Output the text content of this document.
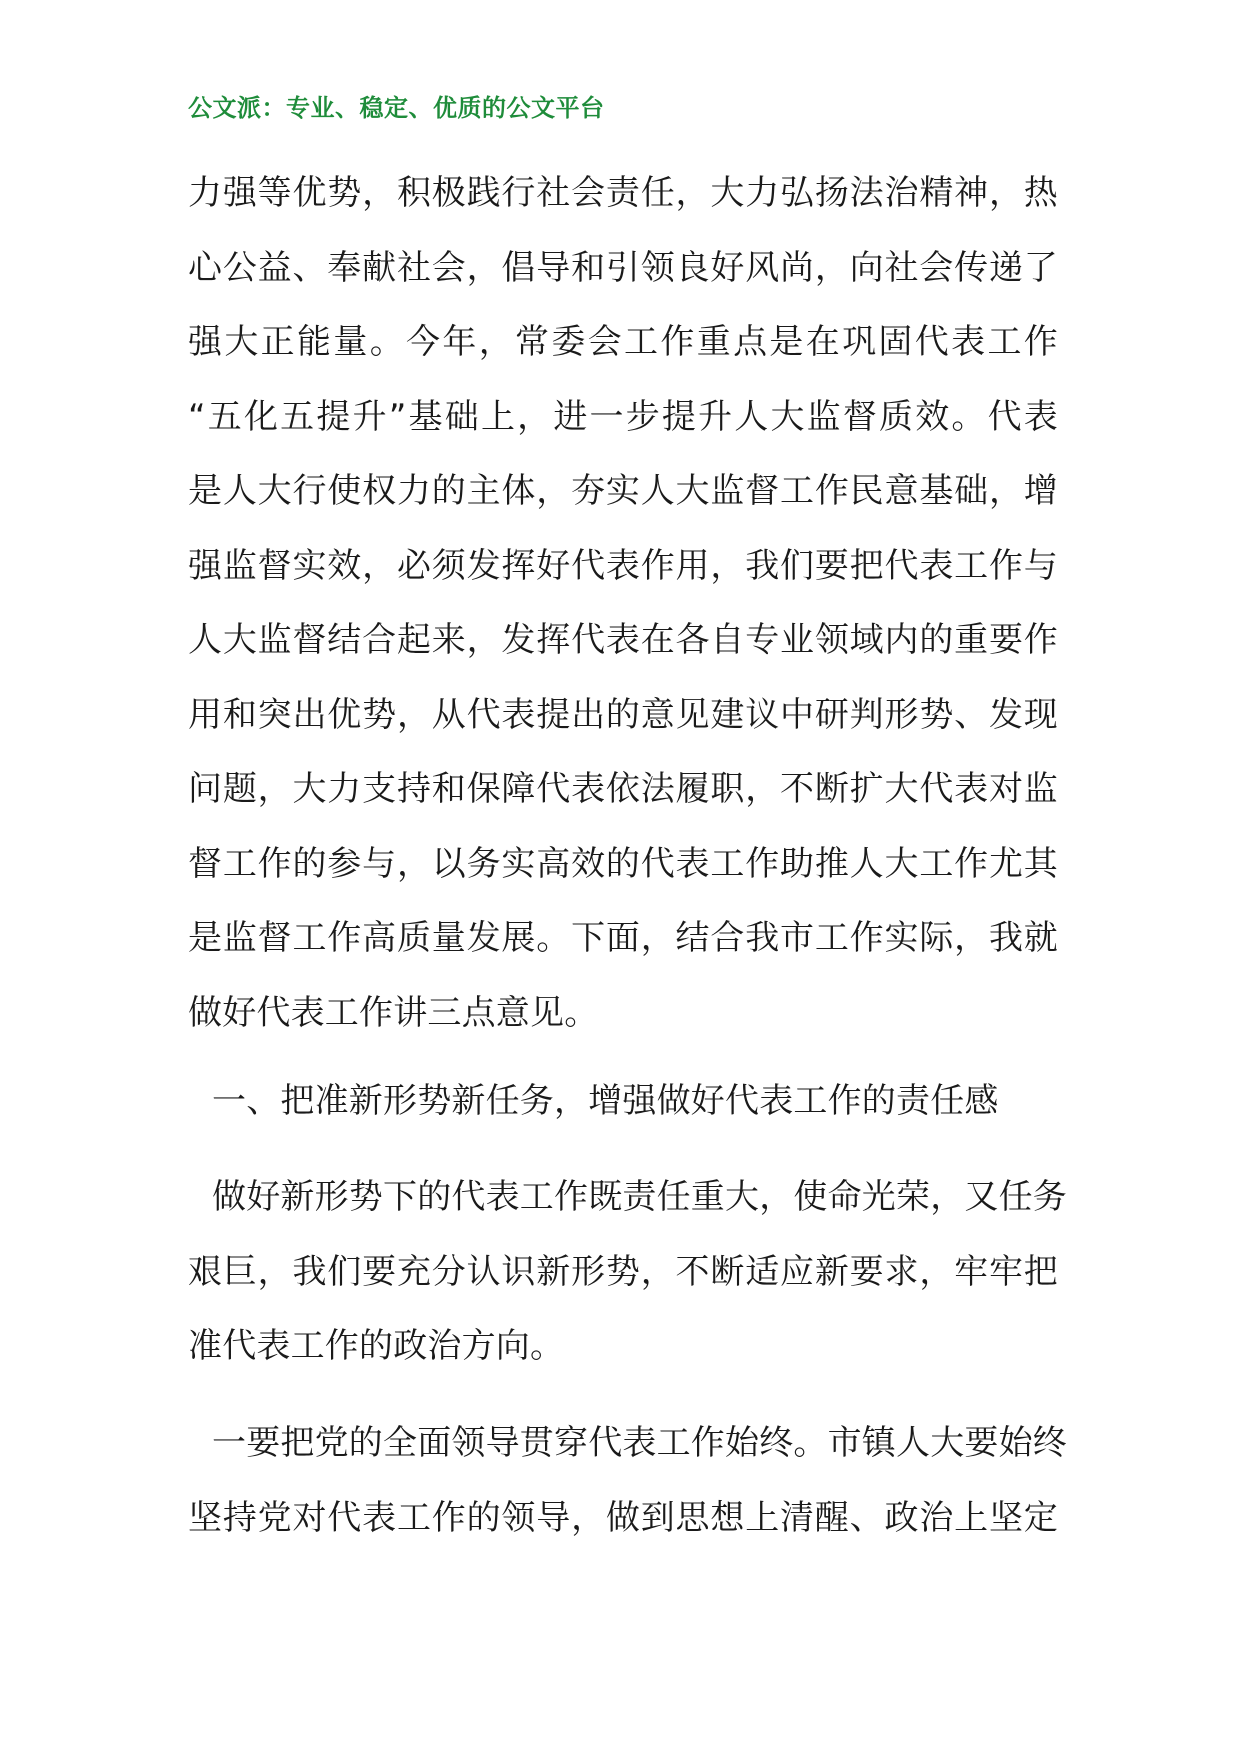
公文派：专业、稳定、优质的公文平台
力强等优势，积极践行社会责任，大力弘扬法治精神，热
心公益、奉献社会，倡导和引领良好风尚，向社会传递了
强大正能量。今年，常委会工作重点是在巩固代表工作
“五化五提升”基础上，进一步提升人大监督质效。代表
是人大行使权力的主体，夯实人大监督工作民意基础，增
强监督实效，必须发挥好代表作用，我们要把代表工作与
人大监督结合起来，发挥代表在各自专业领域内的重要作
用和突出优势，从代表提出的意见建议中研判形势、发现
问题，大力支持和保障代表依法履职，不断扩大代表对监
督工作的参与，以务实高效的代表工作助推人大工作尤其
是监督工作高质量发展。下面，结合我市工作实际，我就
做好代表工作讲三点意见。
一、把准新形势新任务，增强做好代表工作的责任感
做好新形势下的代表工作既责任重大，使命光荣，又任务
艰巨，我们要充分认识新形势，不断适应新要求，牢牢把
准代表工作的政治方向。
一要把党的全面领导贯穿代表工作始终。市镇人大要始终
坚持党对代表工作的领导，做到思想上清醒、政治上坚定
